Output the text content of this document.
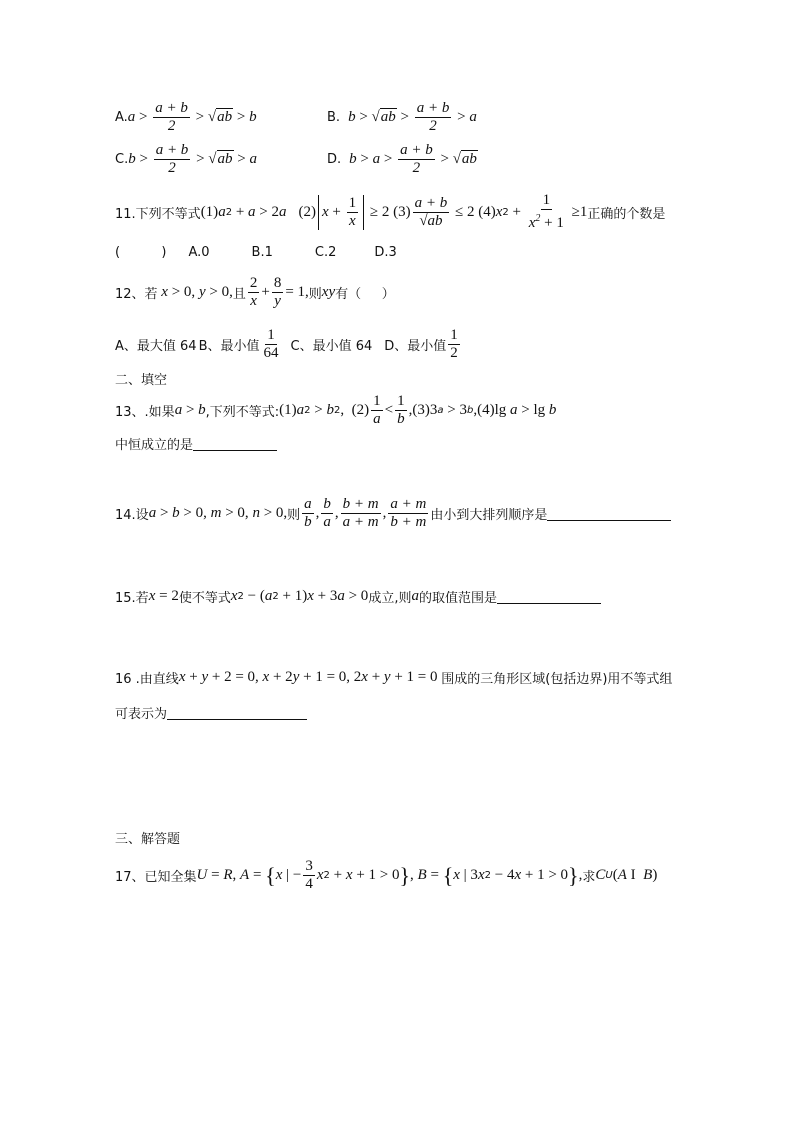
A. $a > \frac{a + b}{2} > √ab > b$	B. $b > √ab > \frac{a + b}{2} > a$
C. $b > \frac{a + b}{2} > √ab > a$	D. $b > a > \frac{a + b}{2} > √ab$
11.下列不等式 (1) a 2 + a > 2 a (2) $x + \frac{1}{x} \ge 2$ $(3) \frac{a + b}{√ab} \le 2$ (4) x $2 + \frac{1}{x^2 + 1} \ge 1$ 正确的个数是
(          ) A.0	B.1	C.2	D.3
12、若 x > 0, y > 0, 且 $\frac{2}{x} + \frac{8}{y} = 1$, 则 xy 有 （     ）
A、最大值 64 B、最小值 $\frac{1}{64}$ C、最小值 64 D、最小值 $\frac{1}{2}$
二、填空
13、.如果 a > b ,下列不等式: (1) a 2 > b 2 ,  $(2) \frac{1}{a} < \frac{1}{b} ,(3)3$ a > 3 b ,(4)lg a > lg b
中恒成立的是
14.设 a > b > 0, m > 0, n > 0, 则 $\frac{a}{b}$ , $\frac{b}{a}$ , $\frac{b + m}{a + m}$ , $\frac{a + m}{b + m}$ 由小到大排列顺序是
15.若 x = 2 使不等式 x 2 − ( a 2 + 1) x + 3 a > 0 成立,则 a 的取值范围是
16 .由直线 x + y + 2 = 0, x + 2 y + 1 = 0, 2 x + y + 1 = 0 围成的三角形区域(包括边界)用不等式组
可表示为
三、解答题
17、已知全集 U = R , A = { x | − $\frac{3}{4}$ x 2 + x + 1 > 0 } , B = { x | 3 x 2 − 4 x + 1 > 0 } , 求 C U ( A I B )
